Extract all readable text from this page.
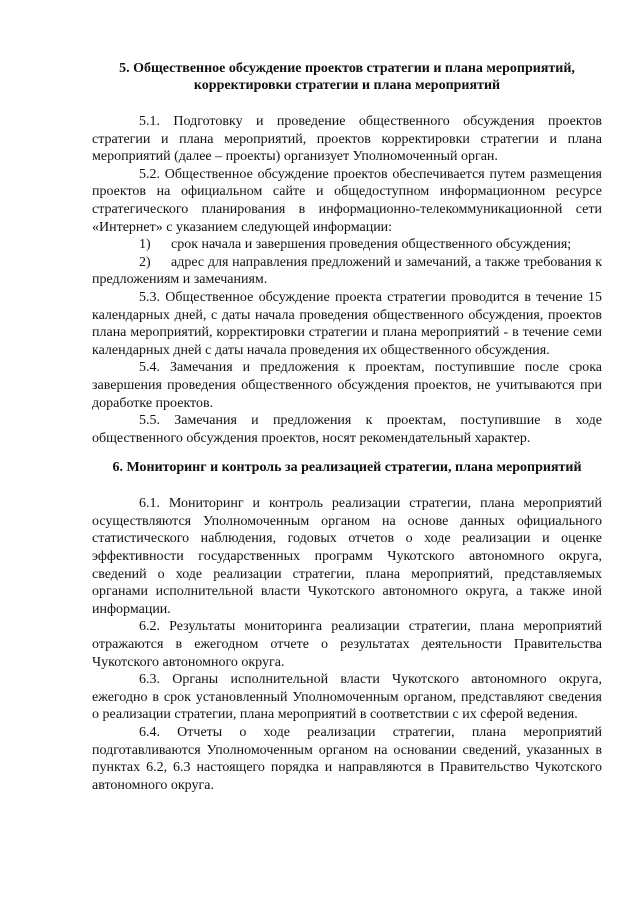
5. Общественное обсуждение проектов стратегии и плана мероприятий,
корректировки стратегии и плана мероприятий

5.1. Подготовку и проведение общественного обсуждения проектов стратегии и плана мероприятий, проектов корректировки стратегии и плана мероприятий (далее – проекты) организует Уполномоченный орган.

5.2. Общественное обсуждение проектов обеспечивается путем размещения проектов на официальном сайте и общедоступном информационном ресурсе стратегического планирования в информационно-телекоммуникационной сети «Интернет» с указанием следующей информации:

1) срок начала и завершения проведения общественного обсуждения;

2) адрес для направления предложений и замечаний, а также требования к предложениям и замечаниям.

5.3. Общественное обсуждение проекта стратегии проводится в течение 15 календарных дней, с даты начала проведения общественного обсуждения, проектов плана мероприятий, корректировки стратегии и плана мероприятий - в течение семи календарных дней с даты начала проведения их общественного обсуждения.

5.4. Замечания и предложения к проектам, поступившие после срока завершения проведения общественного обсуждения проектов, не учитываются при доработке проектов.

5.5. Замечания и предложения к проектам, поступившие в ходе общественного обсуждения проектов, носят рекомендательный характер.

6. Мониторинг и контроль за реализацией стратегии, плана мероприятий

6.1. Мониторинг и контроль реализации стратегии, плана мероприятий осуществляются Уполномоченным органом на основе данных официального статистического наблюдения, годовых отчетов о ходе реализации и оценке эффективности государственных программ Чукотского автономного округа, сведений о ходе реализации стратегии, плана мероприятий, представляемых органами исполнительной власти Чукотского автономного округа, а также иной информации.

6.2. Результаты мониторинга реализации стратегии, плана мероприятий отражаются в ежегодном отчете о результатах деятельности Правительства Чукотского автономного округа.

6.3. Органы исполнительной власти Чукотского автономного округа, ежегодно в срок установленный Уполномоченным органом, представляют сведения о реализации стратегии, плана мероприятий в соответствии с их сферой ведения.

6.4. Отчеты о ходе реализации стратегии, плана мероприятий подготавливаются Уполномоченным органом на основании сведений, указанных в пунктах 6.2, 6.3 настоящего порядка и направляются в Правительство Чукотского автономного округа.
